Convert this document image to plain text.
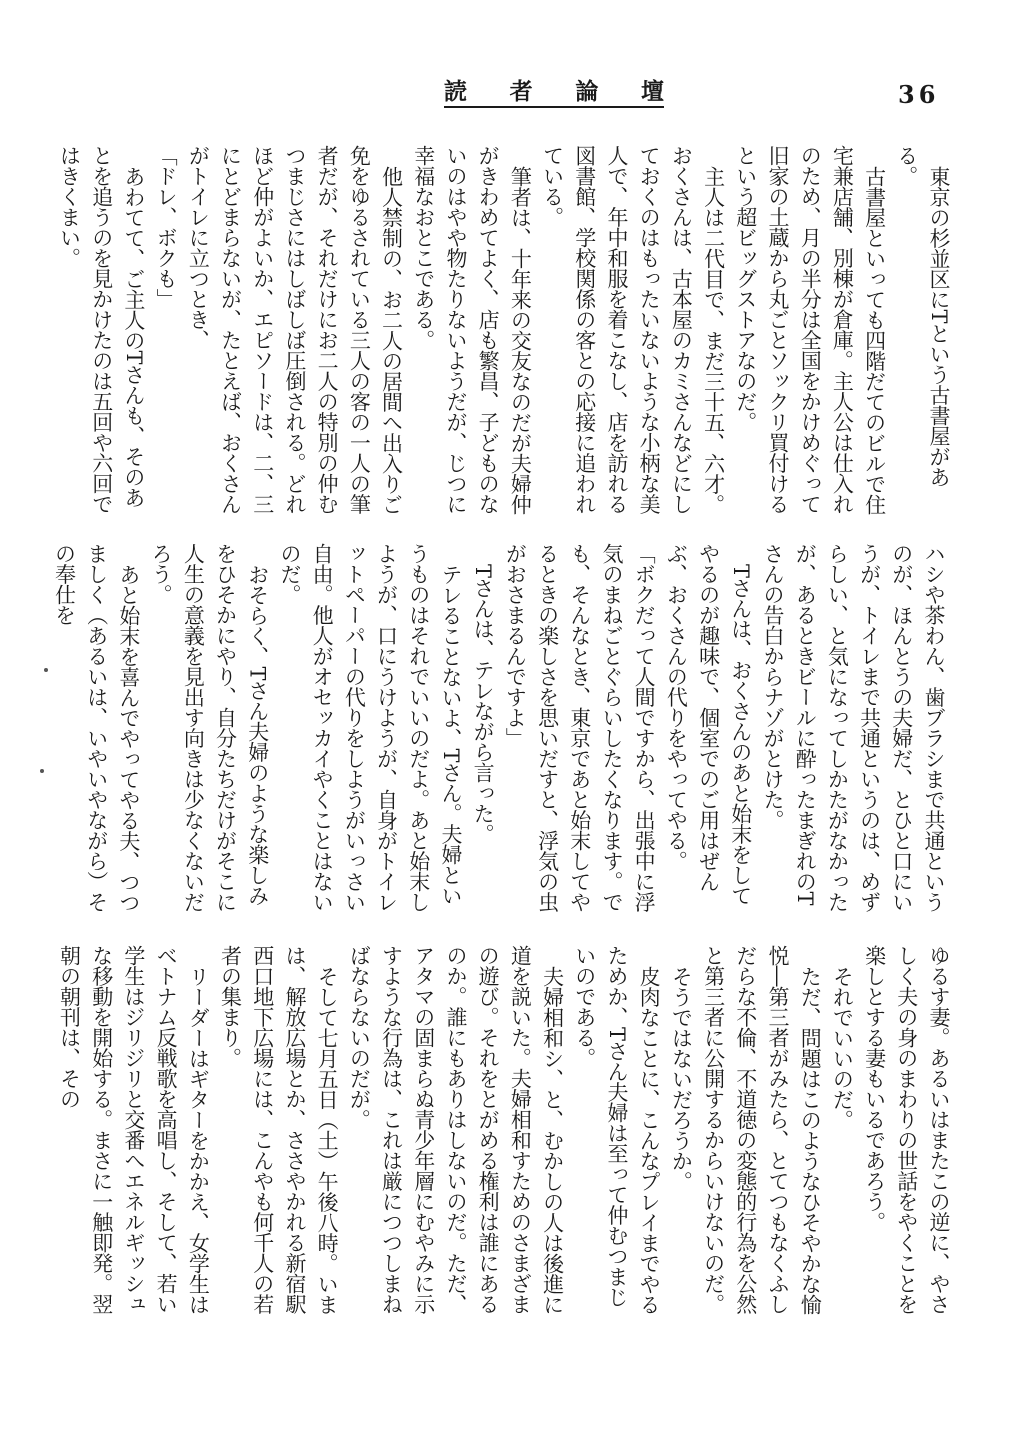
読 者 論 壇	36

東京の杉並区にTという古書屋がある。

古書屋といっても四階だてのビルで住宅兼店舗、別棟が倉庫。主人公は仕入れのため、月の半分は全国をかけめぐって旧家の土蔵から丸ごとソックリ買付けるという超ビッグストアなのだ。

主人は二代目で、まだ三十五、六才。おくさんは、古本屋のカミさんなどにしておくのはもったいないような小柄な美人で、年中和服を着こなし、店を訪れる図書館、学校関係の客との応接に追われている。

筆者は、十年来の交友なのだが夫婦仲がきわめてよく、店も繁昌、子どものないのはやや物たりないようだが、じつに幸福なおとこである。

他人禁制の、お二人の居間へ出入りご免をゆるされている三人の客の一人の筆者だが、それだけにお二人の特別の仲むつまじさにはしばしば圧倒される。どれほど仲がよいか、エピソードは、二、三にとどまらないが、たとえば、おくさんがトイレに立つとき、

「ドレ、ボクも」

あわてて、ご主人のTさんも、そのあとを追うのを見かけたのは五回や六回ではきくまい。

ハシや茶わん、歯ブラシまで共通というのが、ほんとうの夫婦だ、とひと口にいうが、トイレまで共通というのは、めずらしい、と気になってしかたがなかったが、あるときビールに酔ったまぎれのTさんの告白からナゾがとけた。

Tさんは、おくさんのあと始末をしてやるのが趣味で、個室でのご用はぜんぶ、おくさんの代りをやってやる。

「ボクだって人間ですから、出張中に浮気のまねごとぐらいしたくなります。でも、そんなとき、東京であと始末してやるときの楽しさを思いだすと、浮気の虫がおさまるんですよ」

Tさんは、テレながら言った。

テレることないよ、Tさん。夫婦というものはそれでいいのだよ。あと始末しようが、口にうけようが、自身がトイレットペーパーの代りをしようがいっさい自由。他人がオセッカイやくことはないのだ。

おそらく、Tさん夫婦のような楽しみをひそかにやり、自分たちだけがそこに人生の意義を見出す向きは少なくないだろう。

あと始末を喜んでやってやる夫、つつましく（あるいは、いやいやながら）その奉仕を

ゆるす妻。あるいはまたこの逆に、やさしく夫の身のまわりの世話をやくことを楽しとする妻もいるであろう。

それでいいのだ。

ただ、問題はこのようなひそやかな愉悦―第三者がみたら、とてつもなくふしだらな不倫、不道徳の変態的行為を公然と第三者に公開するからいけないのだ。

そうではないだろうか。

皮肉なことに、こんなプレイまでやるためか、Tさん夫婦は至って仲むつまじいのである。

夫婦相和シ、と、むかしの人は後進に道を説いた。夫婦相和すためのさまざまの遊び。それをとがめる権利は誰にあるのか。誰にもありはしないのだ。ただ、アタマの固まらぬ青少年層にむやみに示すような行為は、これは厳につつしまねばならないのだが。

そして七月五日（土）午後八時。いまは、解放広場とか、ささやかれる新宿駅西口地下広場には、こんやも何千人の若者の集まり。

リーダーはギターをかかえ、女学生はベトナム反戦歌を高唱し、そして、若い学生はジリジリと交番へエネルギッシュな移動を開始する。まさに一触即発。翌朝の朝刊は、その
